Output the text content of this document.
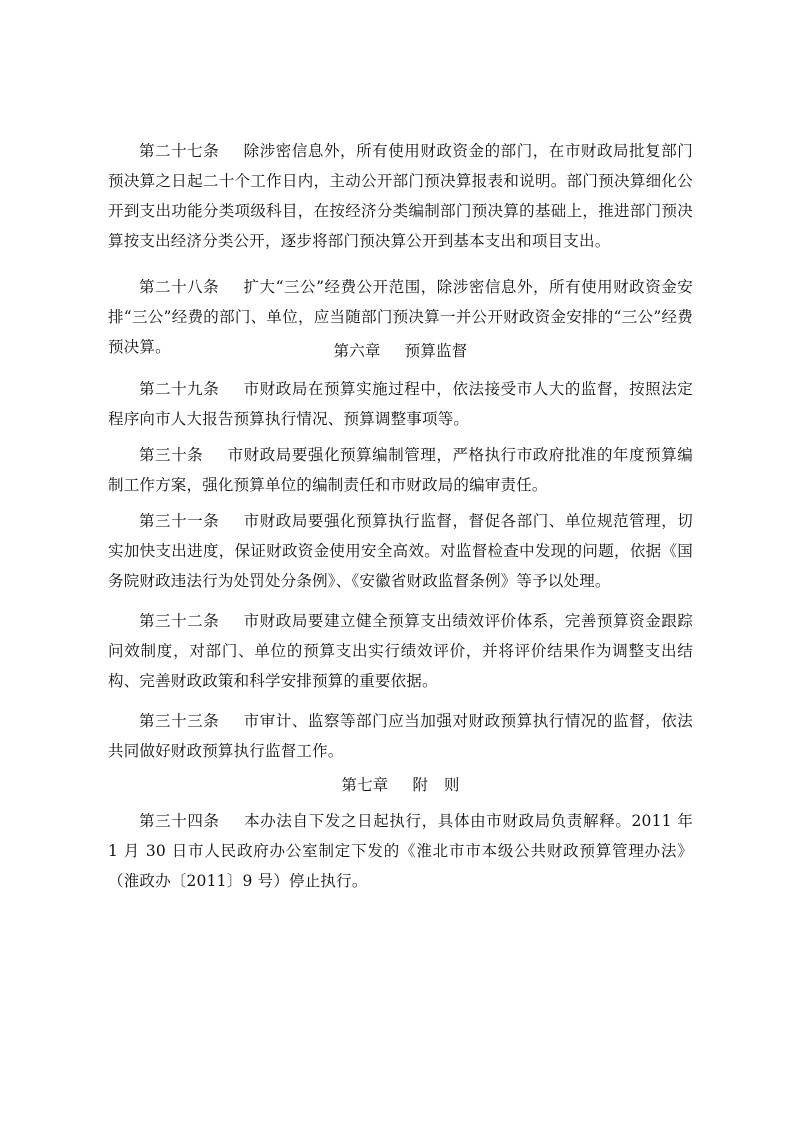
第二十七条 除涉密信息外，所有使用财政资金的部门，在市财政局批复部门预决算之日起二十个工作日内，主动公开部门预决算报表和说明。部门预决算细化公开到支出功能分类项级科目，在按经济分类编制部门预决算的基础上，推进部门预决算按支出经济分类公开，逐步将部门预决算公开到基本支出和项目支出。

第二十八条 扩大“三公”经费公开范围，除涉密信息外，所有使用财政资金安排“三公”经费的部门、单位，应当随部门预决算一并公开财政资金安排的“三公”经费预决算。	第六章 预算监督

第二十九条 市财政局在预算实施过程中，依法接受市人大的监督，按照法定程序向市人大报告预算执行情况、预算调整事项等。

第三十条 市财政局要强化预算编制管理，严格执行市政府批准的年度预算编制工作方案，强化预算单位的编制责任和市财政局的编审责任。

第三十一条 市财政局要强化预算执行监督，督促各部门、单位规范管理，切实加快支出进度，保证财政资金使用安全高效。对监督检查中发现的问题，依据《国务院财政违法行为处罚处分条例》、《安徽省财政监督条例》等予以处理。

第三十二条 市财政局要建立健全预算支出绩效评价体系，完善预算资金跟踪问效制度，对部门、单位的预算支出实行绩效评价，并将评价结果作为调整支出结构、完善财政政策和科学安排预算的重要依据。

第三十三条 市审计、监察等部门应当加强对财政预算执行情况的监督，依法共同做好财政预算执行监督工作。

第七章 附　则

第三十四条 本办法自下发之日起执行，具体由市财政局负责解释。2011 年 1 月 30 日市人民政府办公室制定下发的《淮北市市本级公共财政预算管理办法》（淮政办〔2011〕9 号）停止执行。
